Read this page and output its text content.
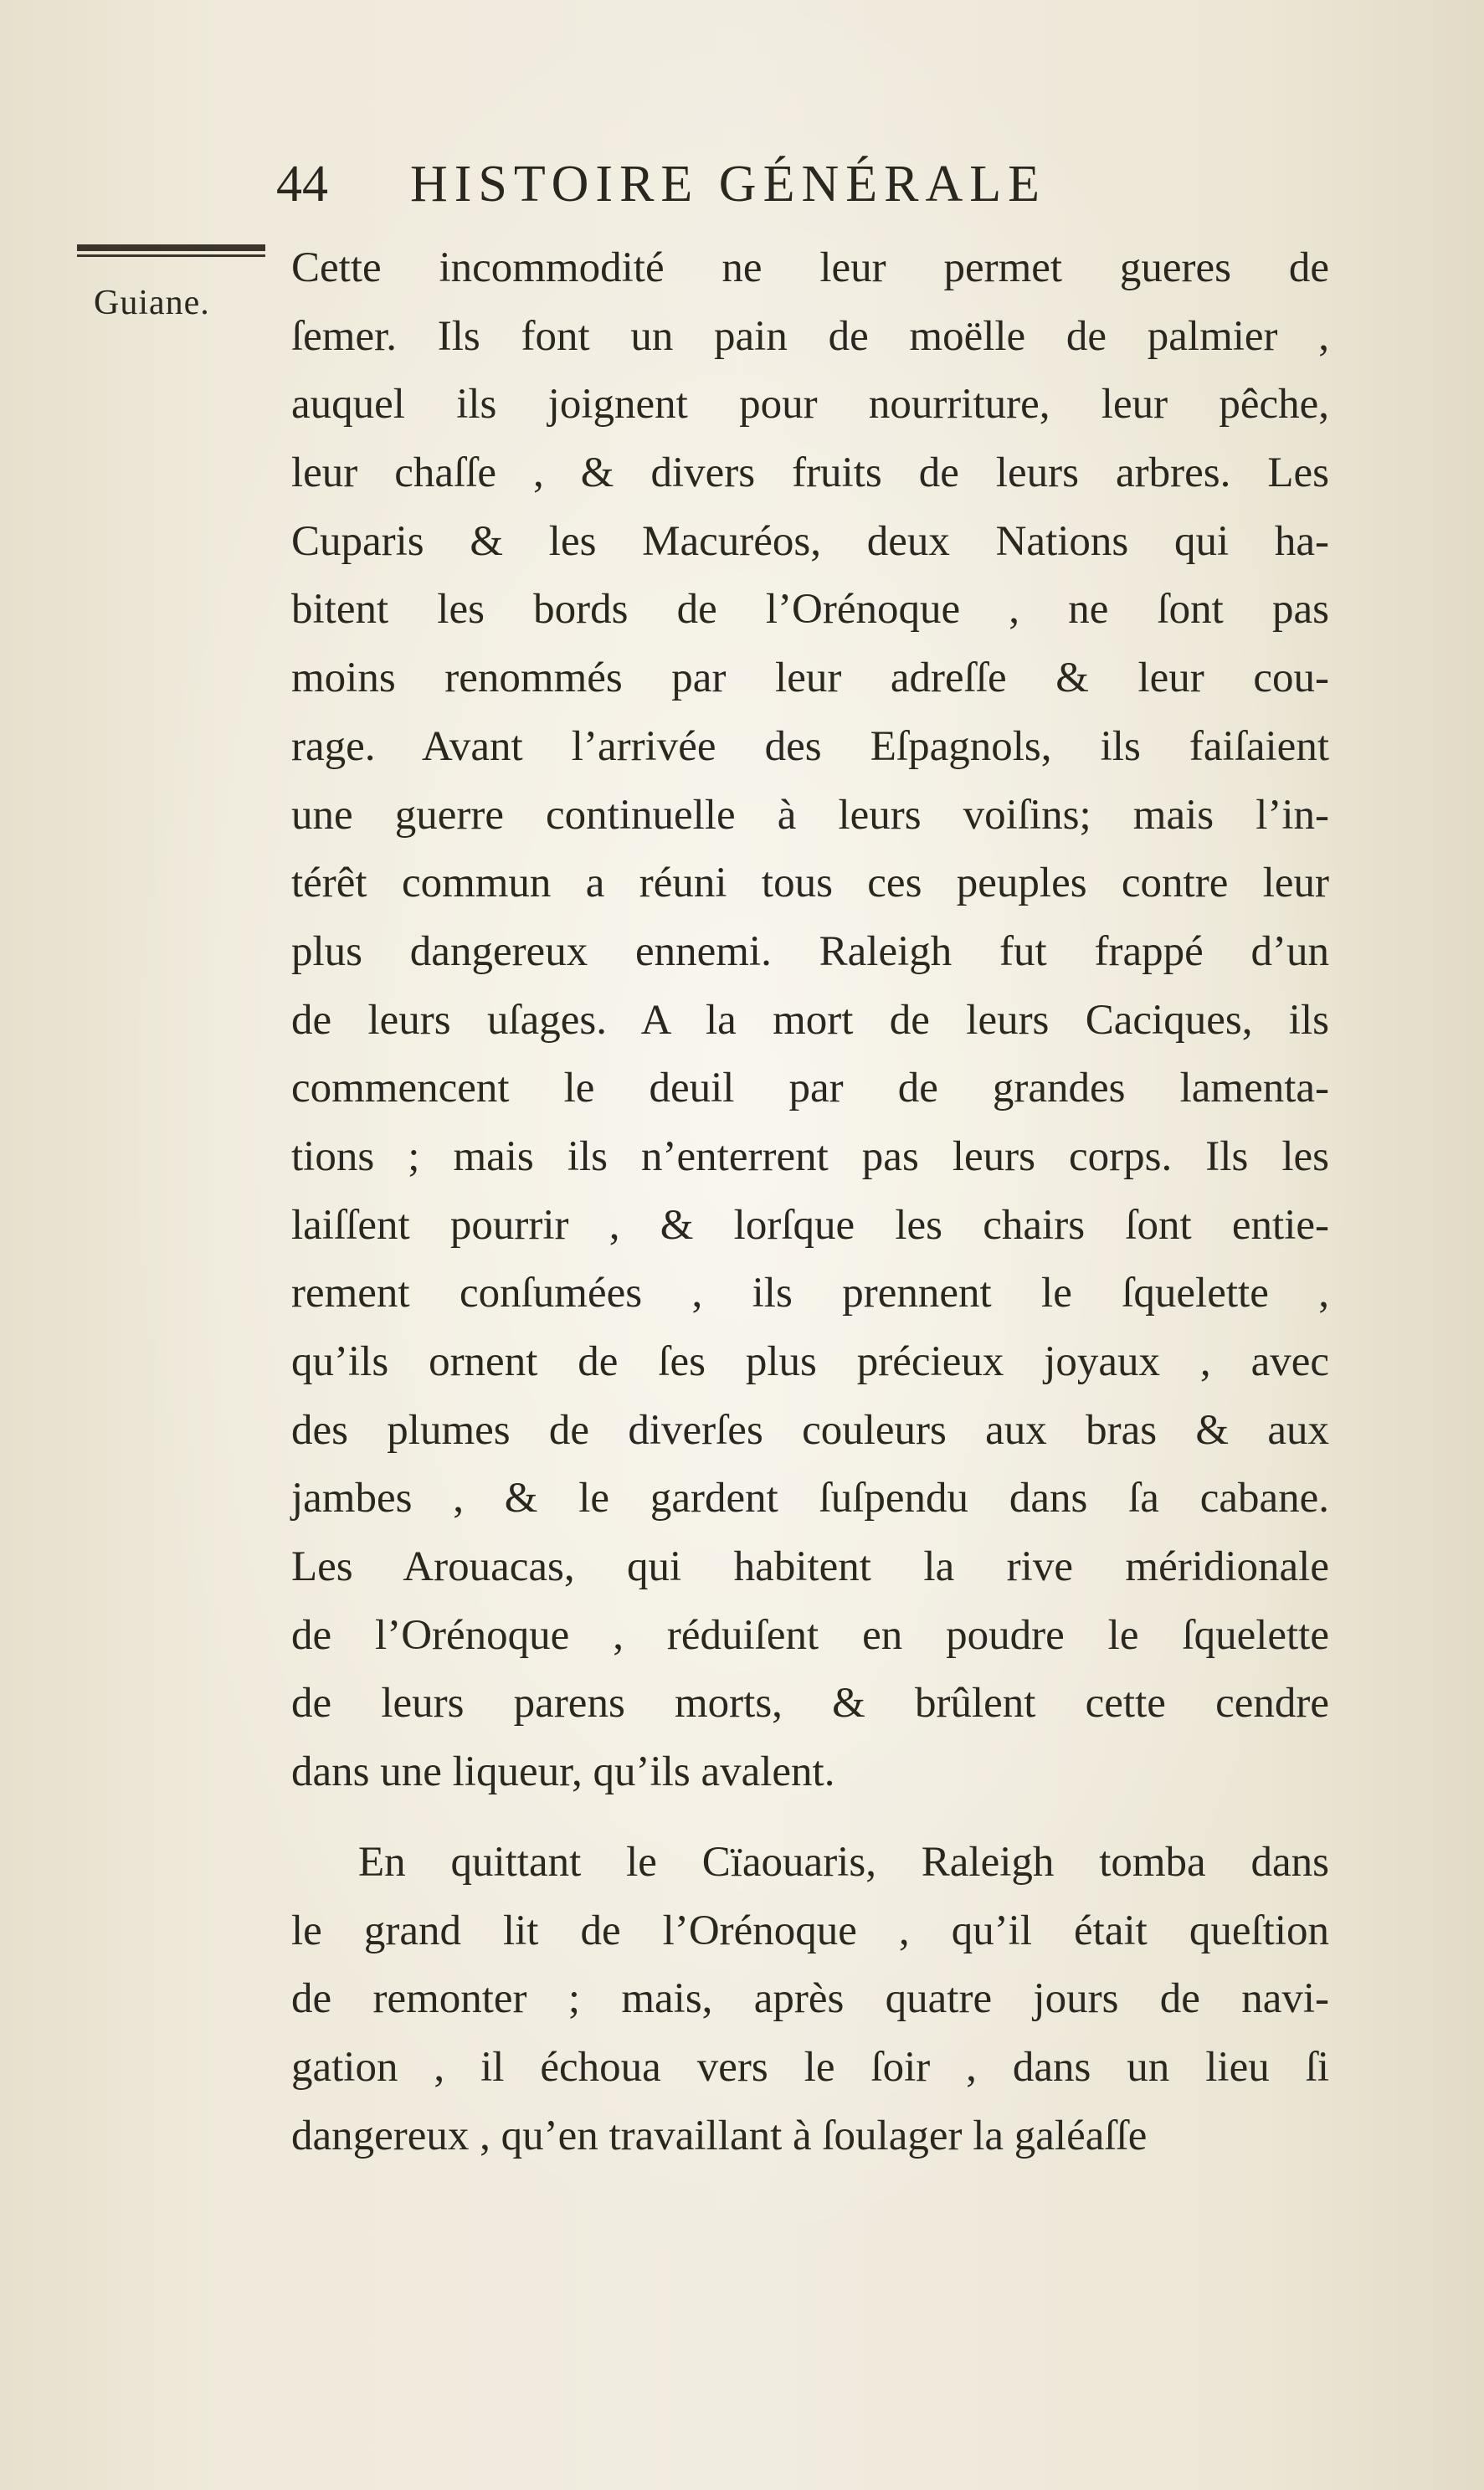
44 HISTOIRE GÉNÉRALE
Guiane.
Cette incommodité ne leur permet gueres de
ſemer. Ils font un pain de moëlle de palmier ,
auquel ils joignent pour nourriture, leur pêche,
leur chaſſe , & divers fruits de leurs arbres. Les
Cuparis & les Macuréos, deux Nations qui ha-
bitent les bords de l’Orénoque , ne ſont pas
moins renommés par leur adreſſe & leur cou-
rage. Avant l’arrivée des Eſpagnols, ils faiſaient
une guerre continuelle à leurs voiſins; mais l’in-
térêt commun a réuni tous ces peuples contre leur
plus dangereux ennemi. Raleigh fut frappé d’un
de leurs uſages. A la mort de leurs Caciques, ils
commencent le deuil par de grandes lamenta-
tions ; mais ils n’enterrent pas leurs corps. Ils les
laiſſent pourrir , & lorſque les chairs ſont entie-
rement conſumées , ils prennent le ſquelette ,
qu’ils ornent de ſes plus précieux joyaux , avec
des plumes de diverſes couleurs aux bras & aux
jambes , & le gardent ſuſpendu dans ſa cabane.
Les Arouacas, qui habitent la rive méridionale
de l’Orénoque , réduiſent en poudre le ſquelette
de leurs parens morts, & brûlent cette cendre
dans une liqueur, qu’ils avalent.
En quittant le Cïaouaris, Raleigh tomba dans
le grand lit de l’Orénoque , qu’il était queſtion
de remonter ; mais, après quatre jours de navi-
gation , il échoua vers le ſoir , dans un lieu ſi
dangereux , qu’en travaillant à ſoulager la galéaſſe
